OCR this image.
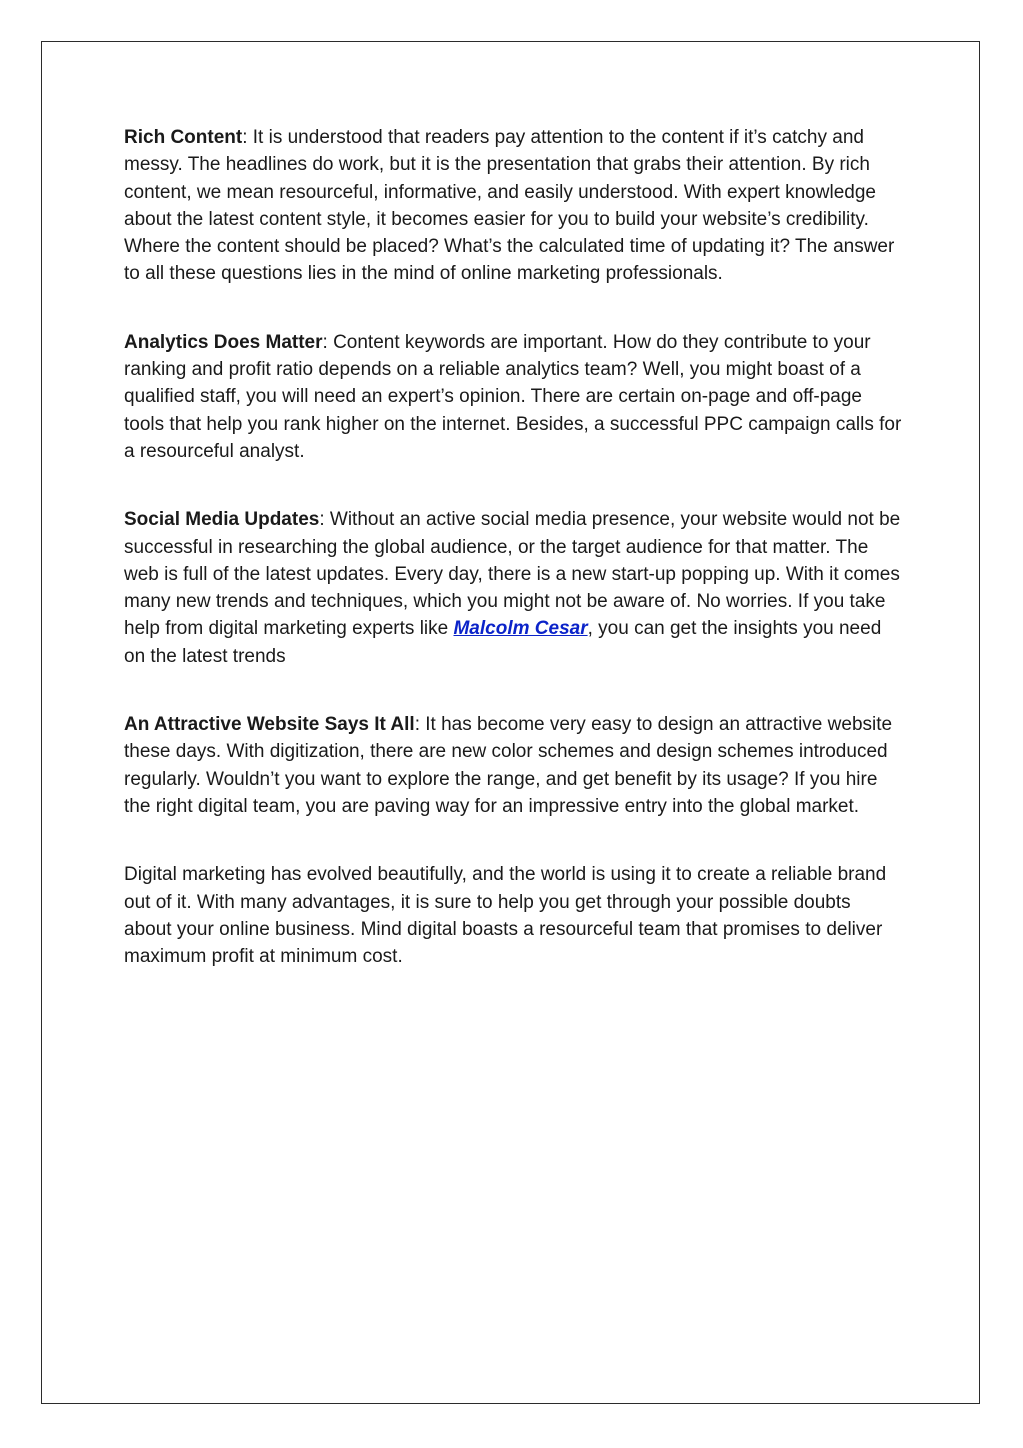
Rich Content: It is understood that readers pay attention to the content if it’s catchy and messy. The headlines do work, but it is the presentation that grabs their attention. By rich content, we mean resourceful, informative, and easily understood. With expert knowledge about the latest content style, it becomes easier for you to build your website’s credibility. Where the content should be placed? What’s the calculated time of updating it? The answer to all these questions lies in the mind of online marketing professionals.

Analytics Does Matter: Content keywords are important. How do they contribute to your ranking and profit ratio depends on a reliable analytics team? Well, you might boast of a qualified staff, you will need an expert’s opinion. There are certain on-page and off-page tools that help you rank higher on the internet. Besides, a successful PPC campaign calls for a resourceful analyst.

Social Media Updates: Without an active social media presence, your website would not be successful in researching the global audience, or the target audience for that matter. The web is full of the latest updates. Every day, there is a new start-up popping up. With it comes many new trends and techniques, which you might not be aware of. No worries. If you take help from digital marketing experts like Malcolm Cesar, you can get the insights you need on the latest trends

An Attractive Website Says It All: It has become very easy to design an attractive website these days. With digitization, there are new color schemes and design schemes introduced regularly. Wouldn’t you want to explore the range, and get benefit by its usage? If you hire the right digital team, you are paving way for an impressive entry into the global market.

Digital marketing has evolved beautifully, and the world is using it to create a reliable brand out of it. With many advantages, it is sure to help you get through your possible doubts about your online business. Mind digital boasts a resourceful team that promises to deliver maximum profit at minimum cost.
